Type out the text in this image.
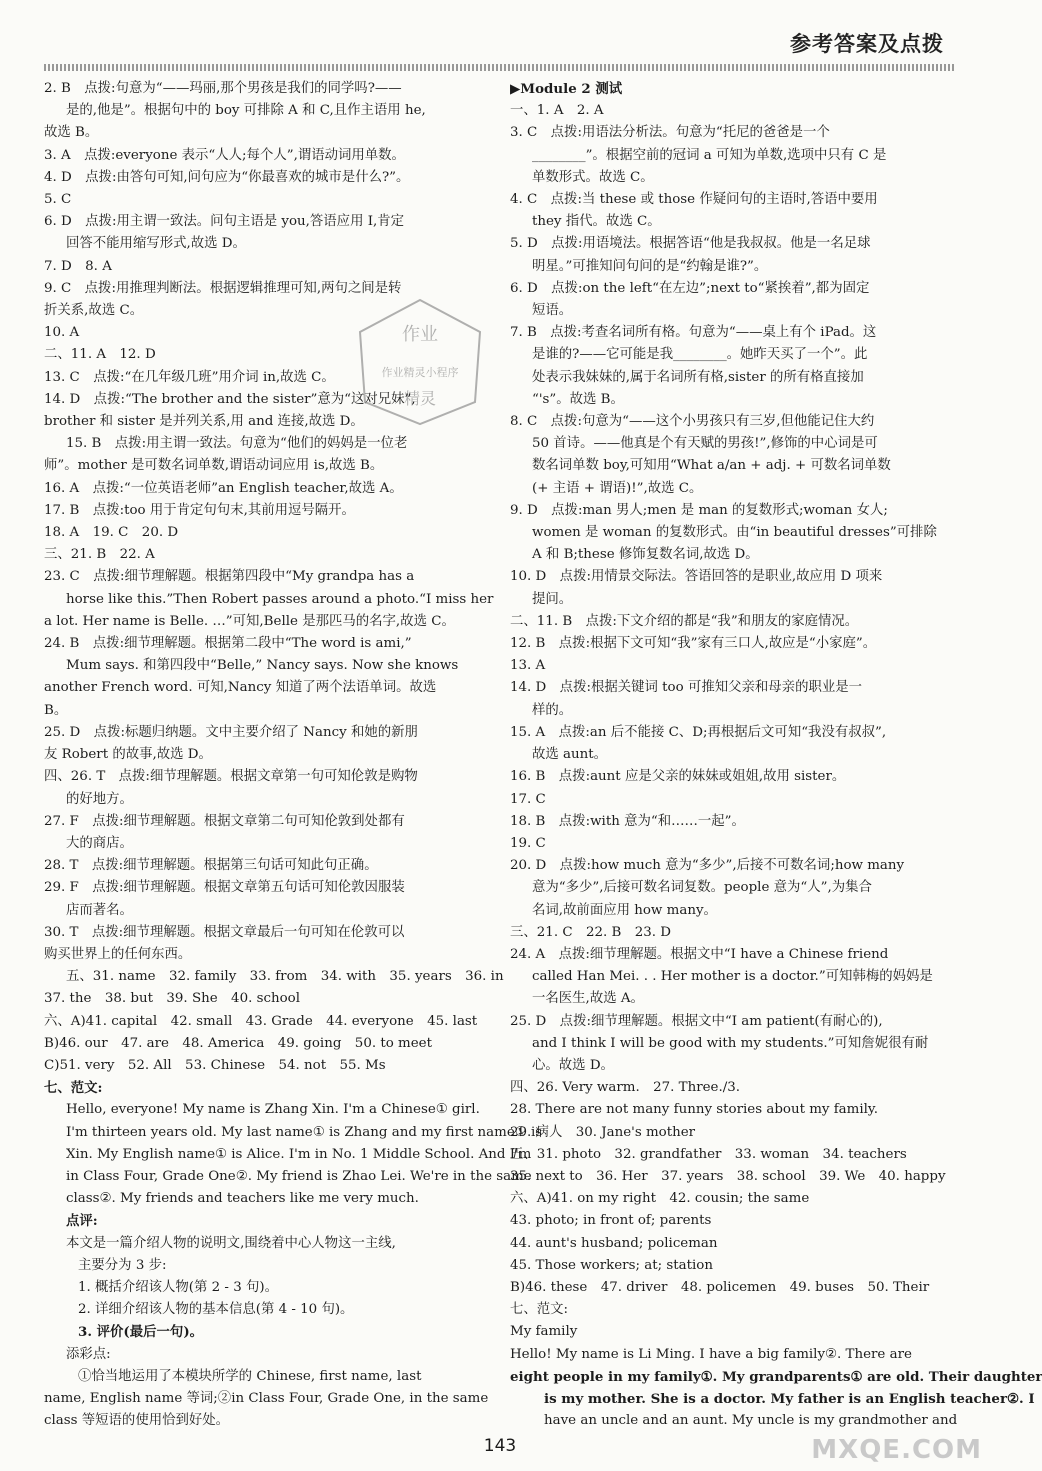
参考答案及点拨
2. B　点拨:句意为“——玛丽,那个男孩是我们的同学吗?——
是的,他是”。根据句中的 boy 可排除 A 和 C,且作主语用 he,
故选 B。
3. A　点拨:everyone 表示“人人;每个人”,谓语动词用单数。
4. D　点拨:由答句可知,问句应为“你最喜欢的城市是什么?”。
5. C
6. D　点拨:用主谓一致法。问句主语是 you,答语应用 I,肯定
回答不能用缩写形式,故选 D。
7. D　8. A
9. C　点拨:用推理判断法。根据逻辑推理可知,两句之间是转
折关系,故选 C。
10. A
二、11. A　12. D
13. C　点拨:“在几年级几班”用介词 in,故选 C。
14. D　点拨:“The brother and the sister”意为“这对兄妹”,
brother 和 sister 是并列关系,用 and 连接,故选 D。
15. B　点拨:用主谓一致法。句意为“他们的妈妈是一位老
师”。mother 是可数名词单数,谓语动词应用 is,故选 B。
16. A　点拨:“一位英语老师”an English teacher,故选 A。
17. B　点拨:too 用于肯定句句末,其前用逗号隔开。
18. A　19. C　20. D
三、21. B　22. A
23. C　点拨:细节理解题。根据第四段中“My grandpa has a
horse like this.”Then Robert passes around a photo.“I miss her
a lot. Her name is Belle. …”可知,Belle 是那匹马的名字,故选 C。
24. B　点拨:细节理解题。根据第二段中“The word is ami,”
Mum says. 和第四段中“Belle,” Nancy says. Now she knows
another French word. 可知,Nancy 知道了两个法语单词。故选
B。
25. D　点拨:标题归纳题。文中主要介绍了 Nancy 和她的新朋
友 Robert 的故事,故选 D。
四、26. T　点拨:细节理解题。根据文章第一句可知伦敦是购物
的好地方。
27. F　点拨:细节理解题。根据文章第二句可知伦敦到处都有
大的商店。
28. T　点拨:细节理解题。根据第三句话可知此句正确。
29. F　点拨:细节理解题。根据文章第五句话可知伦敦因服装
店而著名。
30. T　点拨:细节理解题。根据文章最后一句可知在伦敦可以
购买世界上的任何东西。
五、31. name　32. family　33. from　34. with　35. years　36. in
37. the　38. but　39. She　40. school
六、A)41. capital　42. small　43. Grade　44. everyone　45. last
B)46. our　47. are　48. America　49. going　50. to meet
C)51. very　52. All　53. Chinese　54. not　55. Ms
七、范文:
Hello, everyone! My name is Zhang Xin. I'm a Chinese① girl.
I'm thirteen years old. My last name① is Zhang and my first name① is
Xin. My English name① is Alice. I'm in No. 1 Middle School. And I'm
in Class Four, Grade One②. My friend is Zhao Lei. We're in the same
class②. My friends and teachers like me very much.
点评:
本文是一篇介绍人物的说明文,围绕着中心人物这一主线,
主要分为 3 步:
1. 概括介绍该人物(第 2 - 3 句)。
2. 详细介绍该人物的基本信息(第 4 - 10 句)。
3. 评价(最后一句)。
添彩点:
①恰当地运用了本模块所学的 Chinese, first name, last
name, English name 等词;②in Class Four, Grade One, in the same
class 等短语的使用恰到好处。
▶Module 2 测试
一、1. A　2. A
3. C　点拨:用语法分析法。句意为“托尼的爸爸是一个
________”。根据空前的冠词 a 可知为单数,选项中只有 C 是
单数形式。故选 C。
4. C　点拨:当 these 或 those 作疑问句的主语时,答语中要用
they 指代。故选 C。
5. D　点拨:用语境法。根据答语“他是我叔叔。他是一名足球
明星。”可推知问句问的是“约翰是谁?”。
6. D　点拨:on the left“在左边”;next to“紧挨着”,都为固定
短语。
7. B　点拨:考查名词所有格。句意为“——桌上有个 iPad。这
是谁的?——它可能是我________。她昨天买了一个”。此
处表示我妹妹的,属于名词所有格,sister 的所有格直接加
“'s”。故选 B。
8. C　点拨:句意为“——这个小男孩只有三岁,但他能记住大约
50 首诗。——他真是个有天赋的男孩!”,修饰的中心词是可
数名词单数 boy,可知用“What a/an + adj. + 可数名词单数
(+ 主语 + 谓语)!”,故选 C。
9. D　点拨:man 男人;men 是 man 的复数形式;woman 女人;
women 是 woman 的复数形式。由“in beautiful dresses”可排除
A 和 B;these 修饰复数名词,故选 D。
10. D　点拨:用情景交际法。答语回答的是职业,故应用 D 项来
提问。
二、11. B　点拨:下文介绍的都是“我”和朋友的家庭情况。
12. B　点拨:根据下文可知“我”家有三口人,故应是“小家庭”。
13. A
14. D　点拨:根据关键词 too 可推知父亲和母亲的职业是一
样的。
15. A　点拨:an 后不能接 C、D;再根据后文可知“我没有叔叔”,
故选 aunt。
16. B　点拨:aunt 应是父亲的妹妹或姐姐,故用 sister。
17. C
18. B　点拨:with 意为“和……一起”。
19. C
20. D　点拨:how much 意为“多少”,后接不可数名词;how many
意为“多少”,后接可数名词复数。people 意为“人”,为集合
名词,故前面应用 how many。
三、21. C　22. B　23. D
24. A　点拨:细节理解题。根据文中“I have a Chinese friend
called Han Mei. . . Her mother is a doctor.”可知韩梅的妈妈是
一名医生,故选 A。
25. D　点拨:细节理解题。根据文中“I am patient(有耐心的),
and I think I will be good with my students.”可知詹妮很有耐
心。故选 D。
四、26. Very warm.　27. Three./3.
28. There are not many funny stories about my family.
29. 病人　30. Jane's mother
五、31. photo　32. grandfather　33. woman　34. teachers
35. next to　36. Her　37. years　38. school　39. We　40. happy
六、A)41. on my right　42. cousin; the same
43. photo; in front of; parents
44. aunt's husband; policeman
45. Those workers; at; station
B)46. these　47. driver　48. policemen　49. buses　50. Their
七、范文:
My family
Hello! My name is Li Ming. I have a big family②. There are
eight people in my family①. My grandparents① are old. Their daughter
is my mother. She is a doctor. My father is an English teacher②. I
have an uncle and an aunt. My uncle is my grandmother and
作业
作业精灵小程序
精灵
143	MXQE.COM
